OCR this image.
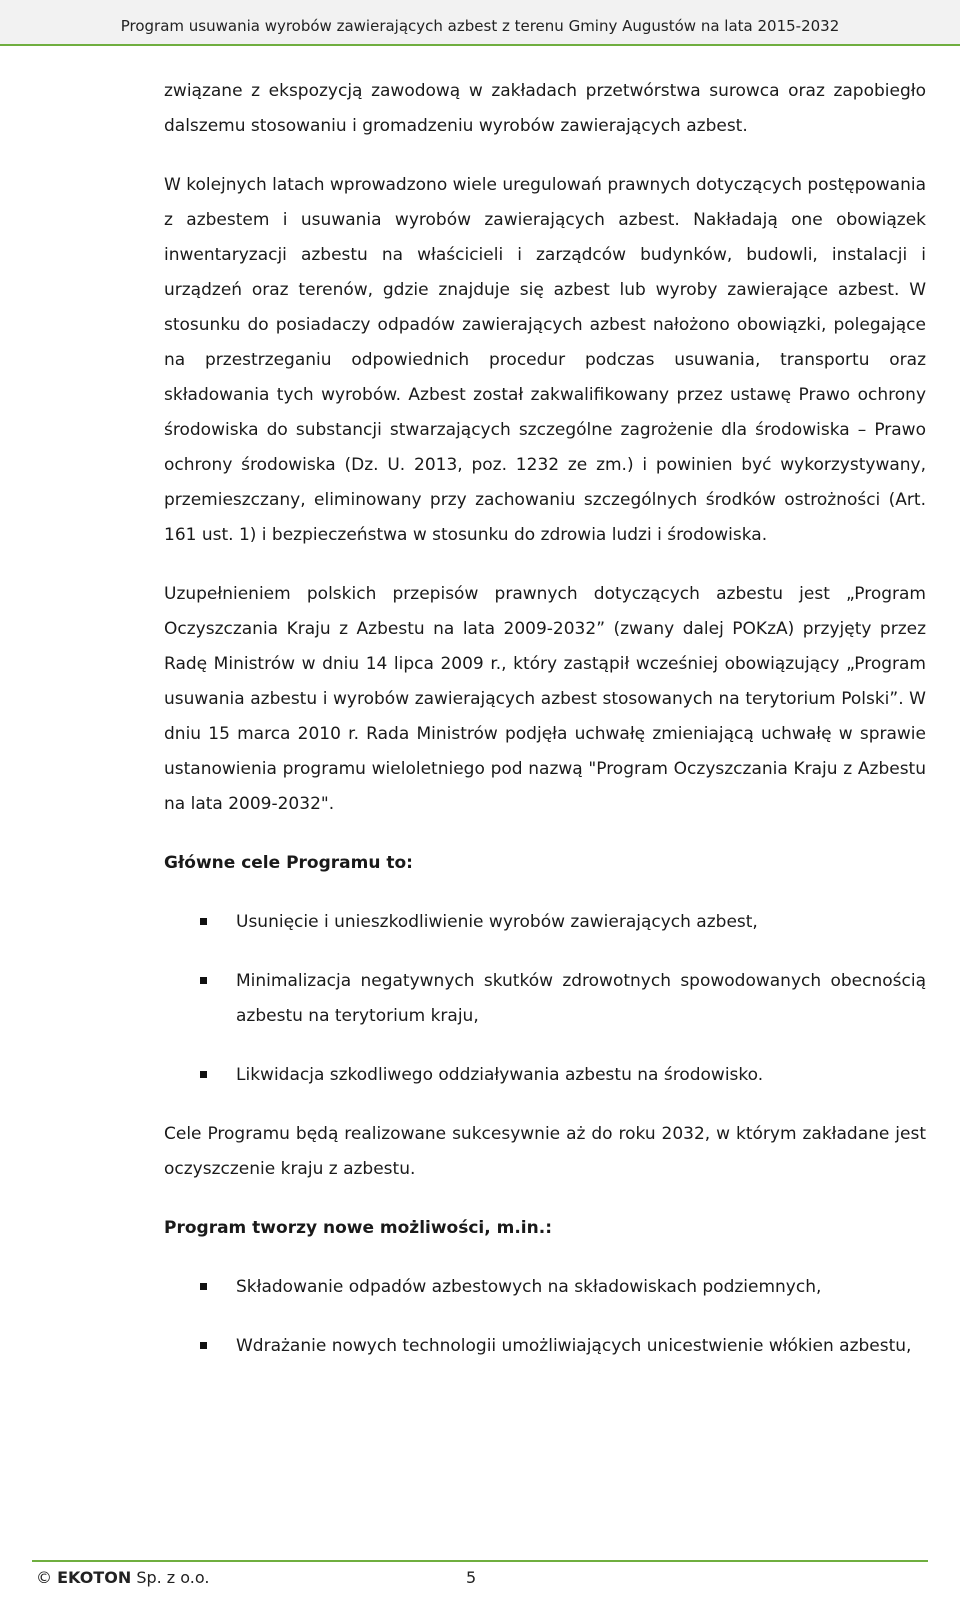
Program usuwania wyrobów zawierających azbest z terenu Gminy Augustów na lata 2015-2032

związane z ekspozycją zawodową w zakładach przetwórstwa surowca oraz zapobiegło dalszemu stosowaniu i gromadzeniu wyrobów zawierających azbest.

W kolejnych latach wprowadzono wiele uregulowań prawnych dotyczących postępowania z azbestem i usuwania wyrobów zawierających azbest. Nakładają one obowiązek inwentaryzacji azbestu na właścicieli i zarządców budynków, budowli, instalacji i urządzeń oraz terenów, gdzie znajduje się azbest lub wyroby zawierające azbest. W stosunku do posiadaczy odpadów zawierających azbest nałożono obowiązki, polegające na przestrzeganiu odpowiednich procedur podczas usuwania, transportu oraz składowania tych wyrobów. Azbest został zakwalifikowany przez ustawę Prawo ochrony środowiska do substancji stwarzających szczególne zagrożenie dla środowiska – Prawo ochrony środowiska (Dz. U. 2013, poz. 1232 ze zm.) i powinien być wykorzystywany, przemieszczany, eliminowany przy zachowaniu szczególnych środków ostrożności (Art. 161 ust. 1) i bezpieczeństwa w stosunku do zdrowia ludzi i środowiska.

Uzupełnieniem polskich przepisów prawnych dotyczących azbestu jest „Program Oczyszczania Kraju z Azbestu na lata 2009-2032” (zwany dalej POKzA) przyjęty przez Radę Ministrów w dniu 14 lipca 2009 r., który zastąpił wcześniej obowiązujący „Program usuwania azbestu i wyrobów zawierających azbest stosowanych na terytorium Polski”. W dniu 15 marca 2010 r. Rada Ministrów podjęła uchwałę zmieniającą uchwałę w sprawie ustanowienia programu wieloletniego pod nazwą "Program Oczyszczania Kraju z Azbestu na lata 2009-2032".

Główne cele Programu to:

Usunięcie i unieszkodliwienie wyrobów zawierających azbest,
Minimalizacja negatywnych skutków zdrowotnych spowodowanych obecnością azbestu na terytorium kraju,
Likwidacja szkodliwego oddziaływania azbestu na środowisko.

Cele Programu będą realizowane sukcesywnie aż do roku 2032, w którym zakładane jest oczyszczenie kraju z azbestu.

Program tworzy nowe możliwości, m.in.:

Składowanie odpadów azbestowych na składowiskach podziemnych,
Wdrażanie nowych technologii umożliwiających unicestwienie włókien azbestu,
© EKOTON Sp. z o.o.	5
